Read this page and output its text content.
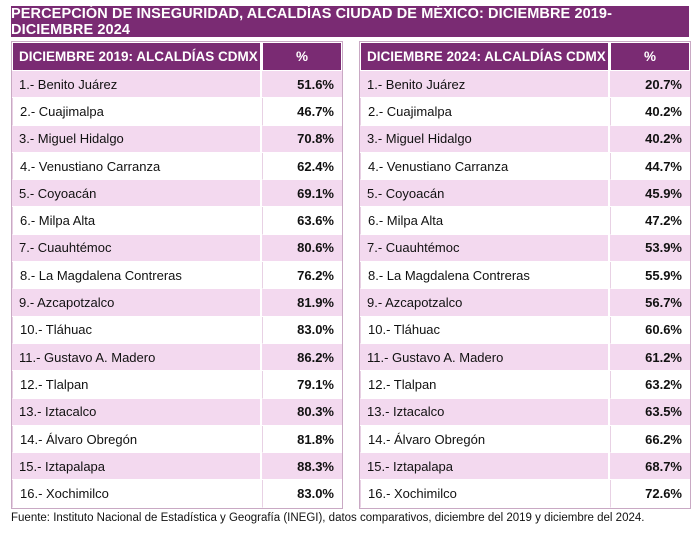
PERCEPCIÓN DE INSEGURIDAD, ALCALDÍAS CIUDAD DE MÉXICO: DICIEMBRE 2019-DICIEMBRE 2024
DICIEMBRE 2019: ALCALDÍAS CDMX	%
1.- Benito Juárez	51.6%
2.- Cuajimalpa	46.7%
3.- Miguel Hidalgo	70.8%
4.- Venustiano Carranza	62.4%
5.- Coyoacán	69.1%
6.- Milpa Alta	63.6%
7.- Cuauhtémoc	80.6%
8.- La Magdalena Contreras	76.2%
9.- Azcapotzalco	81.9%
10.- Tláhuac	83.0%
11.- Gustavo A. Madero	86.2%
12.- Tlalpan	79.1%
13.- Iztacalco	80.3%
14.- Álvaro Obregón	81.8%
15.- Iztapalapa	88.3%
16.- Xochimilco	83.0%
DICIEMBRE 2024: ALCALDÍAS CDMX	%
1.- Benito Juárez	20.7%
2.- Cuajimalpa	40.2%
3.- Miguel Hidalgo	40.2%
4.- Venustiano Carranza	44.7%
5.- Coyoacán	45.9%
6.- Milpa Alta	47.2%
7.- Cuauhtémoc	53.9%
8.- La Magdalena Contreras	55.9%
9.- Azcapotzalco	56.7%
10.- Tláhuac	60.6%
11.- Gustavo A. Madero	61.2%
12.- Tlalpan	63.2%
13.- Iztacalco	63.5%
14.- Álvaro Obregón	66.2%
15.- Iztapalapa	68.7%
16.- Xochimilco	72.6%
Fuente: Instituto Nacional de Estadística y Geografía (INEGI), datos comparativos, diciembre del 2019 y diciembre del 2024.
